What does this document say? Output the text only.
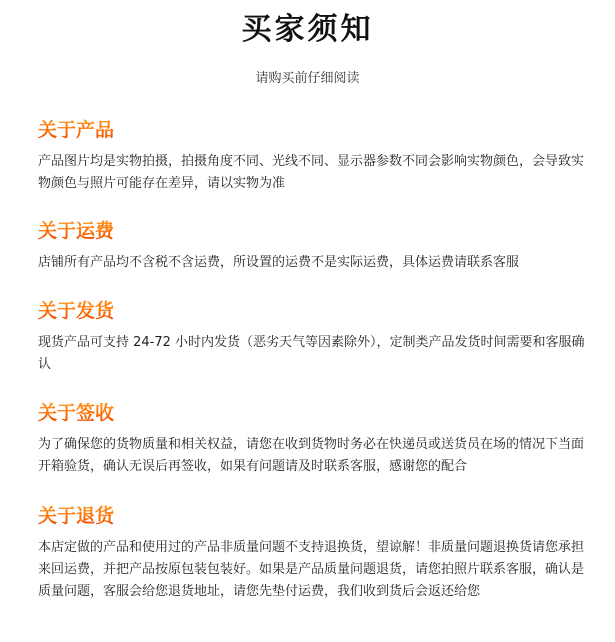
买家须知
请购买前仔细阅读
关于产品

产品图片均是实物拍摄，拍摄角度不同、光线不同、显示器参数不同会影响实物颜色，会导致实物颜色与照片可能存在差异，请以实物为准

关于运费

店铺所有产品均不含税不含运费，所设置的运费不是实际运费，具体运费请联系客服

关于发货

现货产品可支持 24-72 小时内发货（恶劣天气等因素除外），定制类产品发货时间需要和客服确认

关于签收

为了确保您的货物质量和相关权益，请您在收到货物时务必在快递员或送货员在场的情况下当面开箱验货，确认无误后再签收，如果有问题请及时联系客服，感谢您的配合

关于退货

本店定做的产品和使用过的产品非质量问题不支持退换货，望谅解！非质量问题退换货请您承担来回运费，并把产品按原包装包装好。如果是产品质量问题退货，请您拍照片联系客服，确认是质量问题，客服会给您退货地址，请您先垫付运费，我们收到货后会返还给您
